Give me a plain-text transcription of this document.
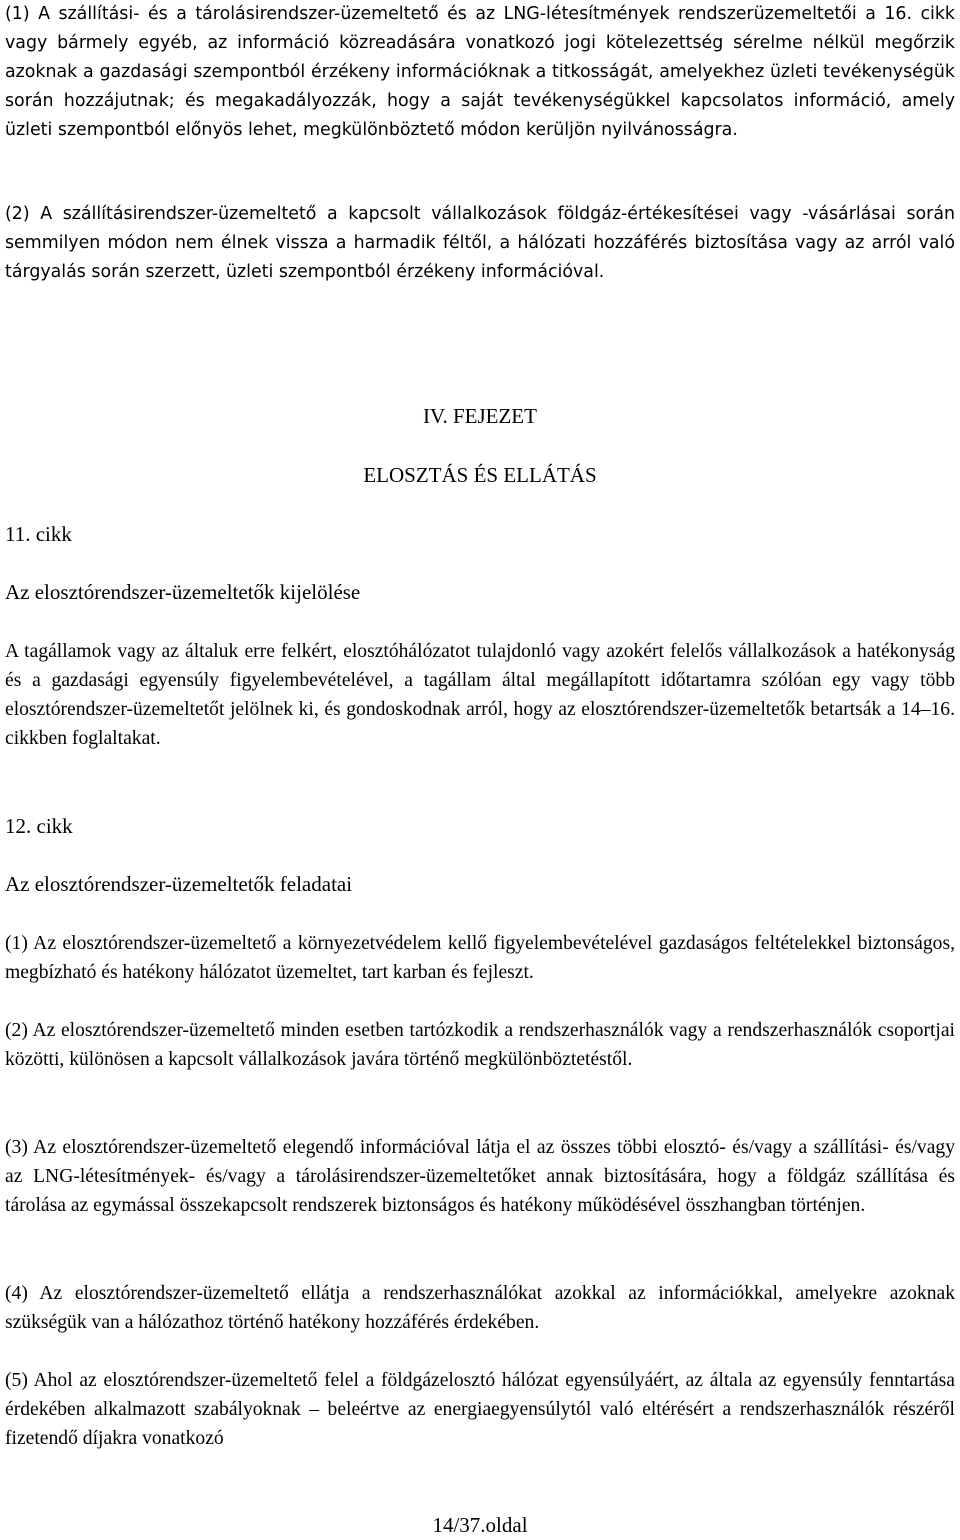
(1) A szállítási- és a tárolásirendszer-üzemeltető és az LNG-létesítmények rendszerüzemeltetői a 16. cikk vagy bármely egyéb, az információ közreadására vonatkozó jogi kötelezettség sérelme nélkül megőrzik azoknak a gazdasági szempontból érzékeny információknak a titkosságát, amelyekhez üzleti tevékenységük során hozzájutnak; és megakadályozzák, hogy a saját tevékenységükkel kapcsolatos információ, amely üzleti szempontból előnyös lehet, megkülönböztető módon kerüljön nyilvánosságra.

(2) A szállításirendszer-üzemeltető a kapcsolt vállalkozások földgáz-értékesítései vagy -vásárlásai során semmilyen módon nem élnek vissza a harmadik féltől, a hálózati hozzáférés biztosítása vagy az arról való tárgyalás során szerzett, üzleti szempontból érzékeny információval.

IV. FEJEZET

ELOSZTÁS ÉS ELLÁTÁS

11. cikk

Az elosztórendszer-üzemeltetők kijelölése

A tagállamok vagy az általuk erre felkért, elosztóhálózatot tulajdonló vagy azokért felelős vállalkozások a hatékonyság és a gazdasági egyensúly figyelembevételével, a tagállam által megállapított időtartamra szólóan egy vagy több elosztórendszer-üzemeltetőt jelölnek ki, és gondoskodnak arról, hogy az elosztórendszer-üzemeltetők betartsák a 14–16. cikkben foglaltakat.

12. cikk

Az elosztórendszer-üzemeltetők feladatai

(1) Az elosztórendszer-üzemeltető a környezetvédelem kellő figyelembevételével gazdaságos feltételekkel biztonságos, megbízható és hatékony hálózatot üzemeltet, tart karban és fejleszt.

(2) Az elosztórendszer-üzemeltető minden esetben tartózkodik a rendszerhasználók vagy a rendszerhasználók csoportjai közötti, különösen a kapcsolt vállalkozások javára történő megkülönböztetéstől.

(3) Az elosztórendszer-üzemeltető elegendő információval látja el az összes többi elosztó- és/vagy a szállítási- és/vagy az LNG-létesítmények- és/vagy a tárolásirendszer-üzemeltetőket annak biztosítására, hogy a földgáz szállítása és tárolása az egymással összekapcsolt rendszerek biztonságos és hatékony működésével összhangban történjen.

(4) Az elosztórendszer-üzemeltető ellátja a rendszerhasználókat azokkal az információkkal, amelyekre azoknak szükségük van a hálózathoz történő hatékony hozzáférés érdekében.

(5) Ahol az elosztórendszer-üzemeltető felel a földgázelosztó hálózat egyensúlyáért, az általa az egyensúly fenntartása érdekében alkalmazott szabályoknak – beleértve az energiaegyensúlytól való eltérésért a rendszerhasználók részéről fizetendő díjakra vonatkozó

14/37.oldal
